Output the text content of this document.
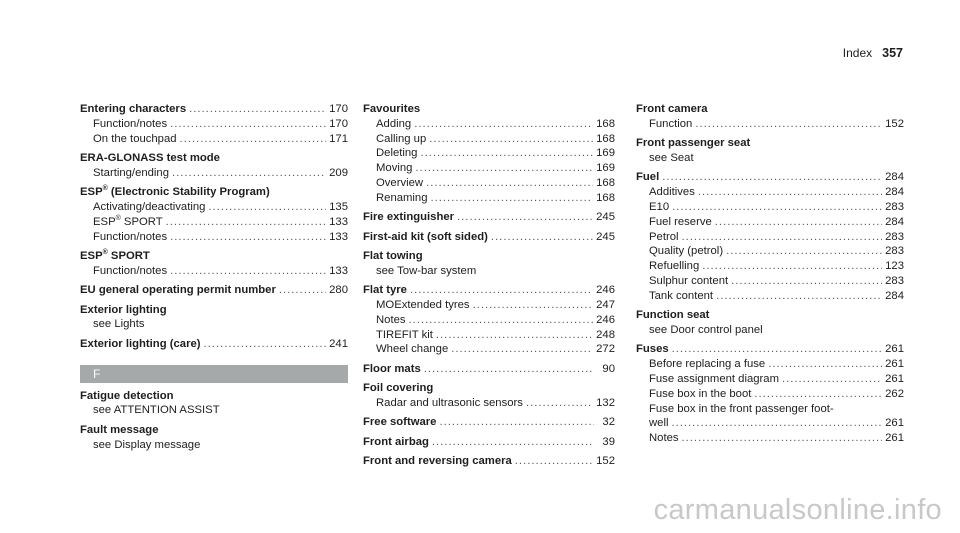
Index 357
Entering characters .....	170
Function/notes .....	170
On the touchpad .....	171
ERA-GLONASS test mode
Starting/ending .....	209
ESP® (Electronic Stability Program)
Activating/deactivating .....	135
ESP® SPORT .....	133
Function/notes .....	133
ESP® SPORT
Function/notes .....	133
EU general operating permit number .....	280
Exterior lighting
see Lights
Exterior lighting (care) .....	241
F
Fatigue detection
see ATTENTION ASSIST
Fault message
see Display message
Favourites
Adding .....	168
Calling up .....	168
Deleting .....	169
Moving .....	169
Overview .....	168
Renaming .....	168
Fire extinguisher .....	245
First-aid kit (soft sided) .....	245
Flat towing
see Tow-bar system
Flat tyre .....	246
MOExtended tyres .....	247
Notes .....	246
TIREFIT kit .....	248
Wheel change .....	272
Floor mats .....	90
Foil covering
Radar and ultrasonic sensors .....	132
Free software .....	32
Front airbag .....	39
Front and reversing camera .....	152
Front camera
Function .....	152
Front passenger seat
see Seat
Fuel .....	284
Additives .....	284
E10 .....	283
Fuel reserve .....	284
Petrol .....	283
Quality (petrol) .....	283
Refuelling .....	123
Sulphur content .....	283
Tank content .....	284
Function seat
see Door control panel
Fuses .....	261
Before replacing a fuse .....	261
Fuse assignment diagram .....	261
Fuse box in the boot .....	262
Fuse box in the front passenger foot-
well .....	261
Notes .....	261
carmanualsonline.info
